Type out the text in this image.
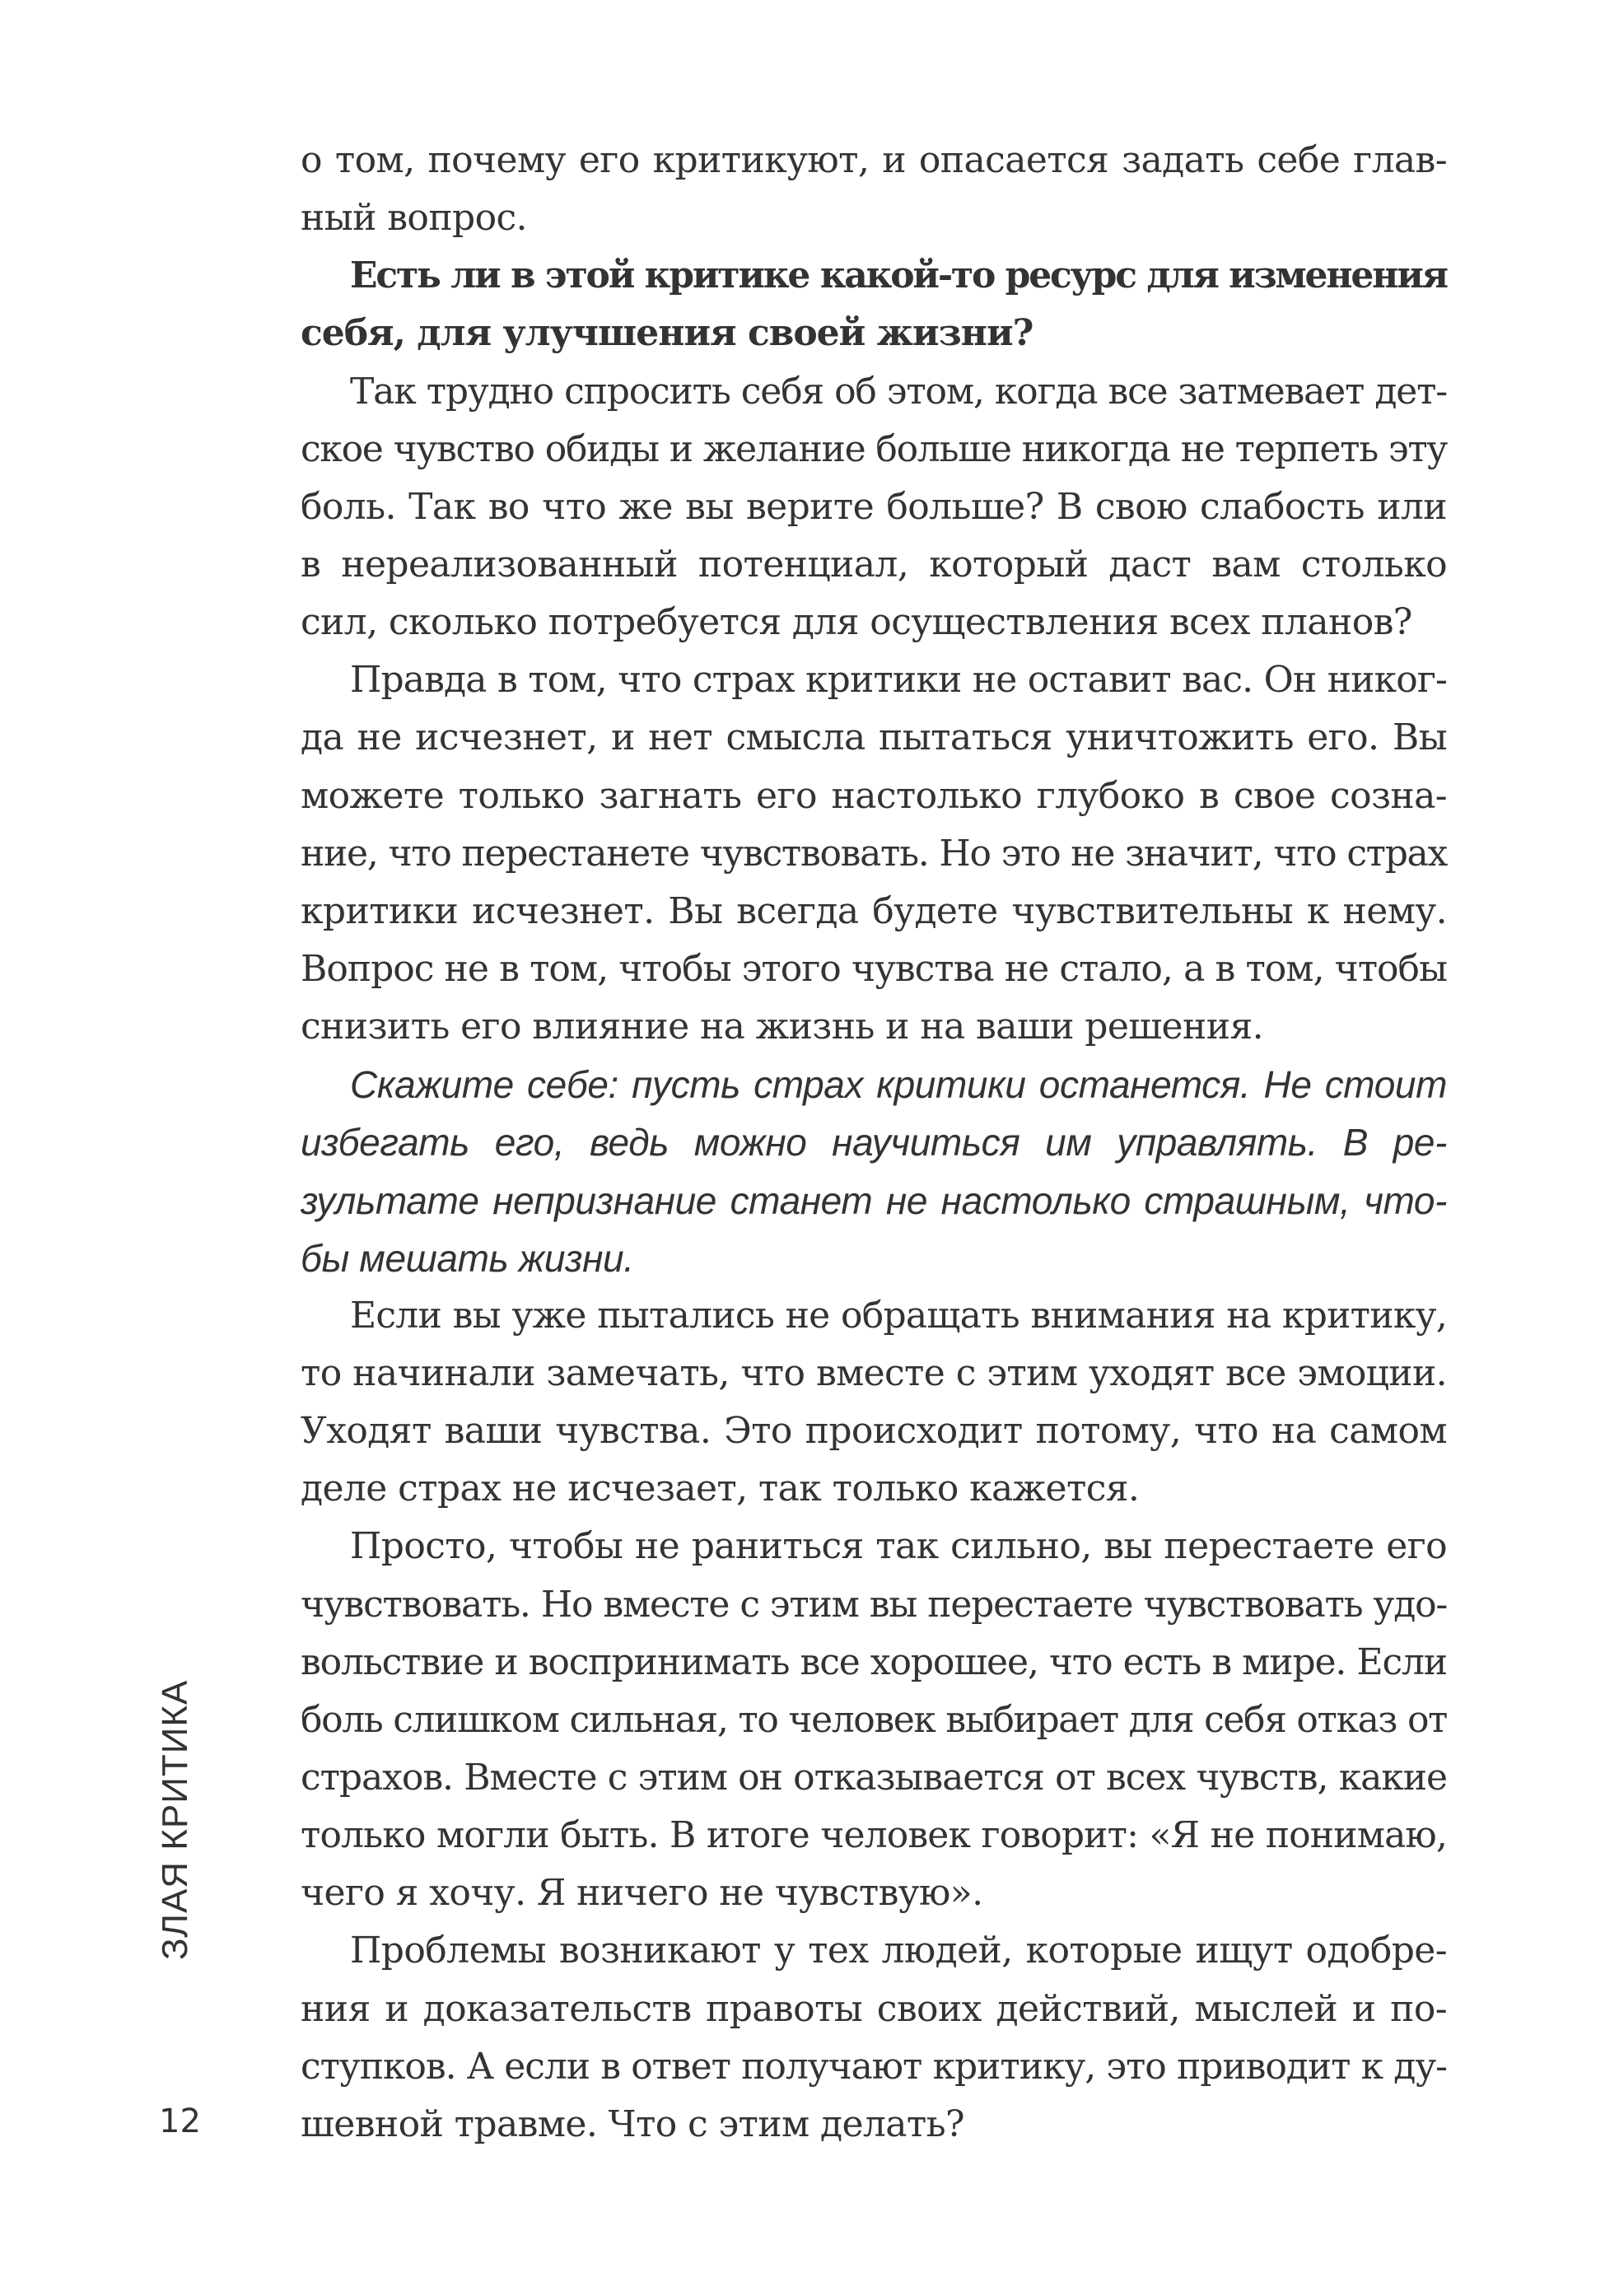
о том, почему его критикуют, и опасается задать себе глав-
ный вопрос.
Есть ли в этой критике какой-то ресурс для изменения
себя, для улучшения своей жизни?
Так трудно спросить себя об этом, когда все затмевает дет-
ское чувство обиды и желание больше никогда не терпеть эту
боль. Так во что же вы верите больше? В свою слабость или
в нереализованный потенциал, который даст вам столько
сил, сколько потребуется для осуществления всех планов?
Правда в том, что страх критики не оставит вас. Он никог-
да не исчезнет, и нет смысла пытаться уничтожить его. Вы
можете только загнать его настолько глубоко в свое созна-
ние, что перестанете чувствовать. Но это не значит, что страх
критики исчезнет. Вы всегда будете чувствительны к нему.
Вопрос не в том, чтобы этого чувства не стало, а в том, чтобы
снизить его влияние на жизнь и на ваши решения.
Скажите себе: пусть страх критики останется. Не стоит
избегать его, ведь можно научиться им управлять. В ре-
зультате непризнание станет не настолько страшным, что-
бы мешать жизни.
Если вы уже пытались не обращать внимания на критику,
то начинали замечать, что вместе с этим уходят все эмоции.
Уходят ваши чувства. Это происходит потому, что на самом
деле страх не исчезает, так только кажется.
Просто, чтобы не раниться так сильно, вы перестаете его
чувствовать. Но вместе с этим вы перестаете чувствовать удо-
вольствие и воспринимать все хорошее, что есть в мире. Если
боль слишком сильная, то человек выбирает для себя отказ от
страхов. Вместе с этим он отказывается от всех чувств, какие
только могли быть. В итоге человек говорит: «Я не понимаю,
чего я хочу. Я ничего не чувствую».
Проблемы возникают у тех людей, которые ищут одобре-
ния и доказательств правоты своих действий, мыслей и по-
ступков. А если в ответ получают критику, это приводит к ду-
шевной травме. Что с этим делать?
ЗЛАЯ КРИТИКА
12
